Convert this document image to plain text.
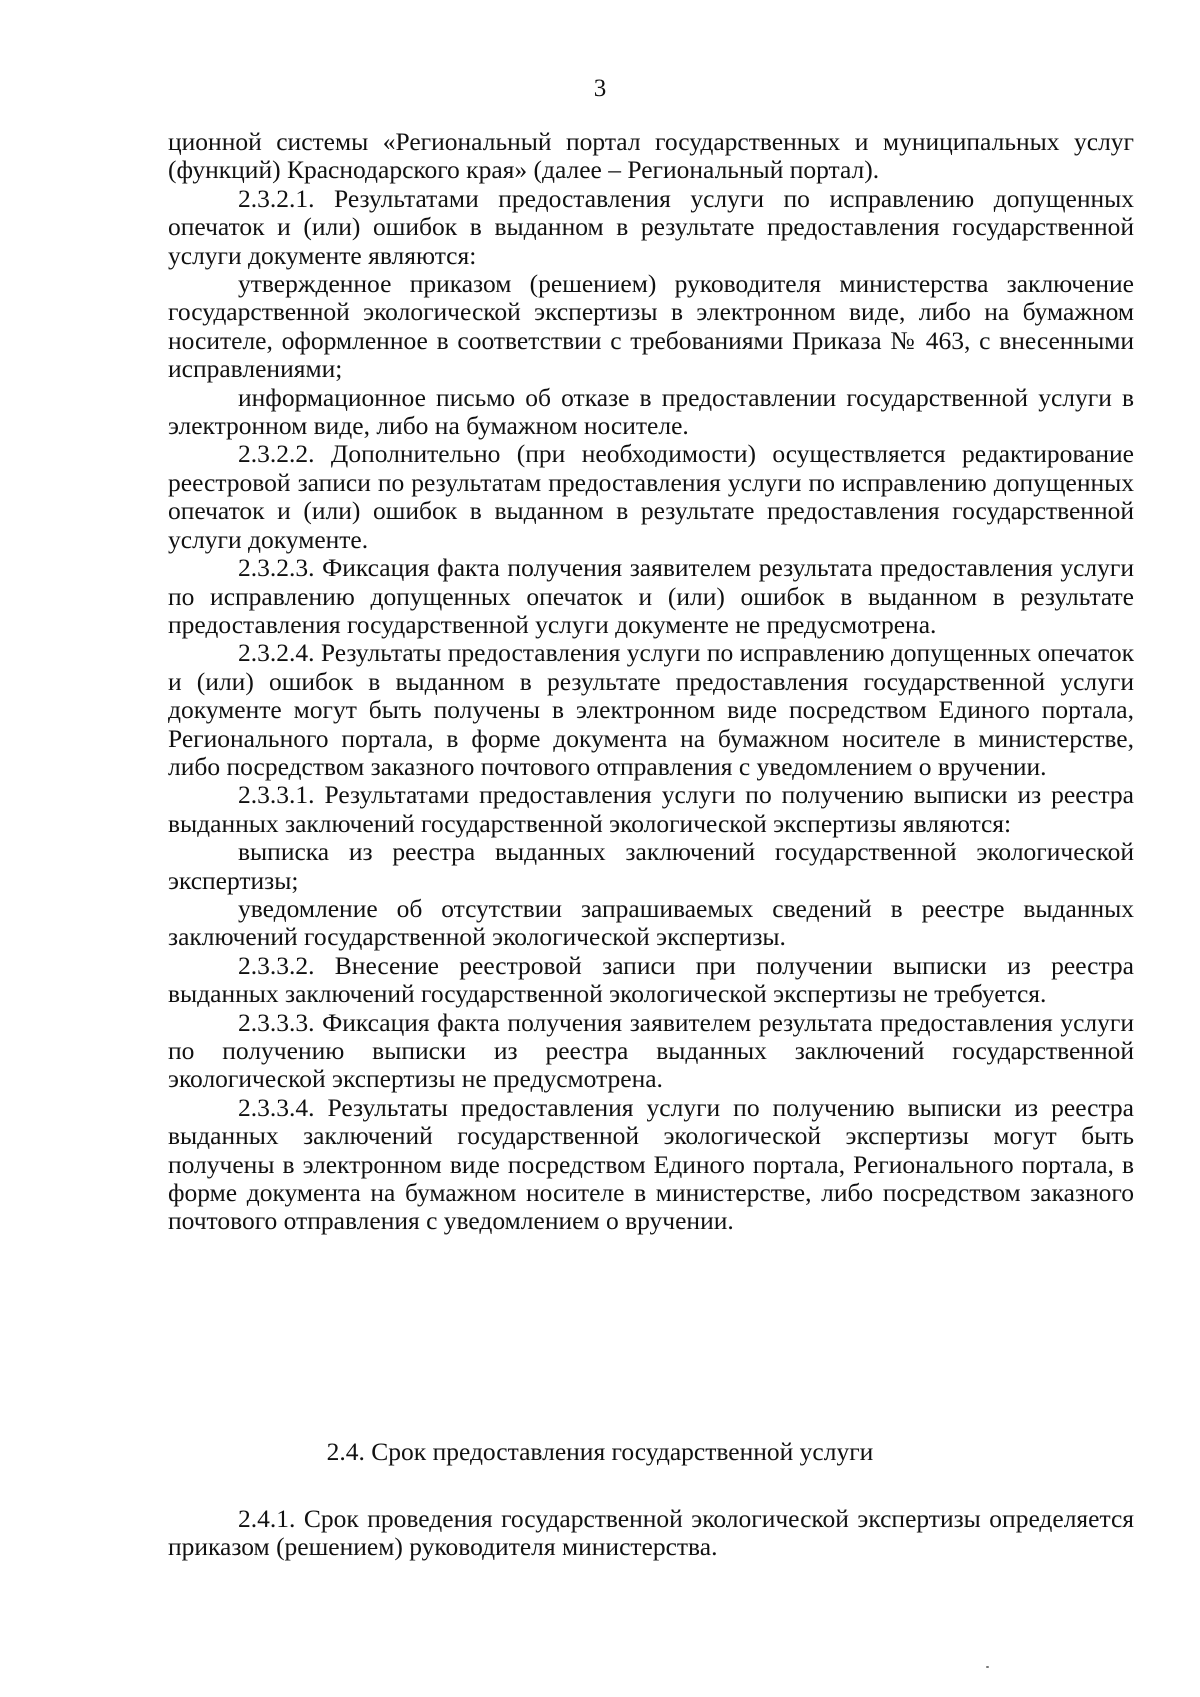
3

ционной системы «Региональный портал государственных и муниципальных услуг (функций) Краснодарского края» (далее – Региональный портал).

2.3.2.1. Результатами предоставления услуги по исправлению допущенных опечаток и (или) ошибок в выданном в результате предоставления государственной услуги документе являются:

утвержденное приказом (решением) руководителя министерства заключение государственной экологической экспертизы в электронном виде, либо на бумажном носителе, оформленное в соответствии с требованиями Приказа № 463, с внесенными исправлениями;

информационное письмо об отказе в предоставлении государственной услуги в электронном виде, либо на бумажном носителе.

2.3.2.2. Дополнительно (при необходимости) осуществляется редактирование реестровой записи по результатам предоставления услуги по исправлению допущенных опечаток и (или) ошибок в выданном в результате предоставления государственной услуги документе.

2.3.2.3. Фиксация факта получения заявителем результата предоставления услуги по исправлению допущенных опечаток и (или) ошибок в выданном в результате предоставления государственной услуги документе не предусмотрена.

2.3.2.4. Результаты предоставления услуги по исправлению допущенных опечаток и (или) ошибок в выданном в результате предоставления государственной услуги документе могут быть получены в электронном виде посредством Единого портала, Регионального портала, в форме документа на бумажном носителе в министерстве, либо посредством заказного почтового отправления с уведомлением о вручении.

2.3.3.1. Результатами предоставления услуги по получению выписки из реестра выданных заключений государственной экологической экспертизы являются:

выписка из реестра выданных заключений государственной экологической экспертизы;

уведомление об отсутствии запрашиваемых сведений в реестре выданных заключений государственной экологической экспертизы.

2.3.3.2. Внесение реестровой записи при получении выписки из реестра выданных заключений государственной экологической экспертизы не требуется.

2.3.3.3. Фиксация факта получения заявителем результата предоставления услуги по получению выписки из реестра выданных заключений государственной экологической экспертизы не предусмотрена.

2.3.3.4. Результаты предоставления услуги по получению выписки из реестра выданных заключений государственной экологической экспертизы могут быть получены в электронном виде посредством Единого портала, Регионального портала, в форме документа на бумажном носителе в министерстве, либо посредством заказного почтового отправления с уведомлением о вручении.

2.4. Срок предоставления государственной услуги

2.4.1. Срок проведения государственной экологической экспертизы определяется приказом (решением) руководителя министерства.
